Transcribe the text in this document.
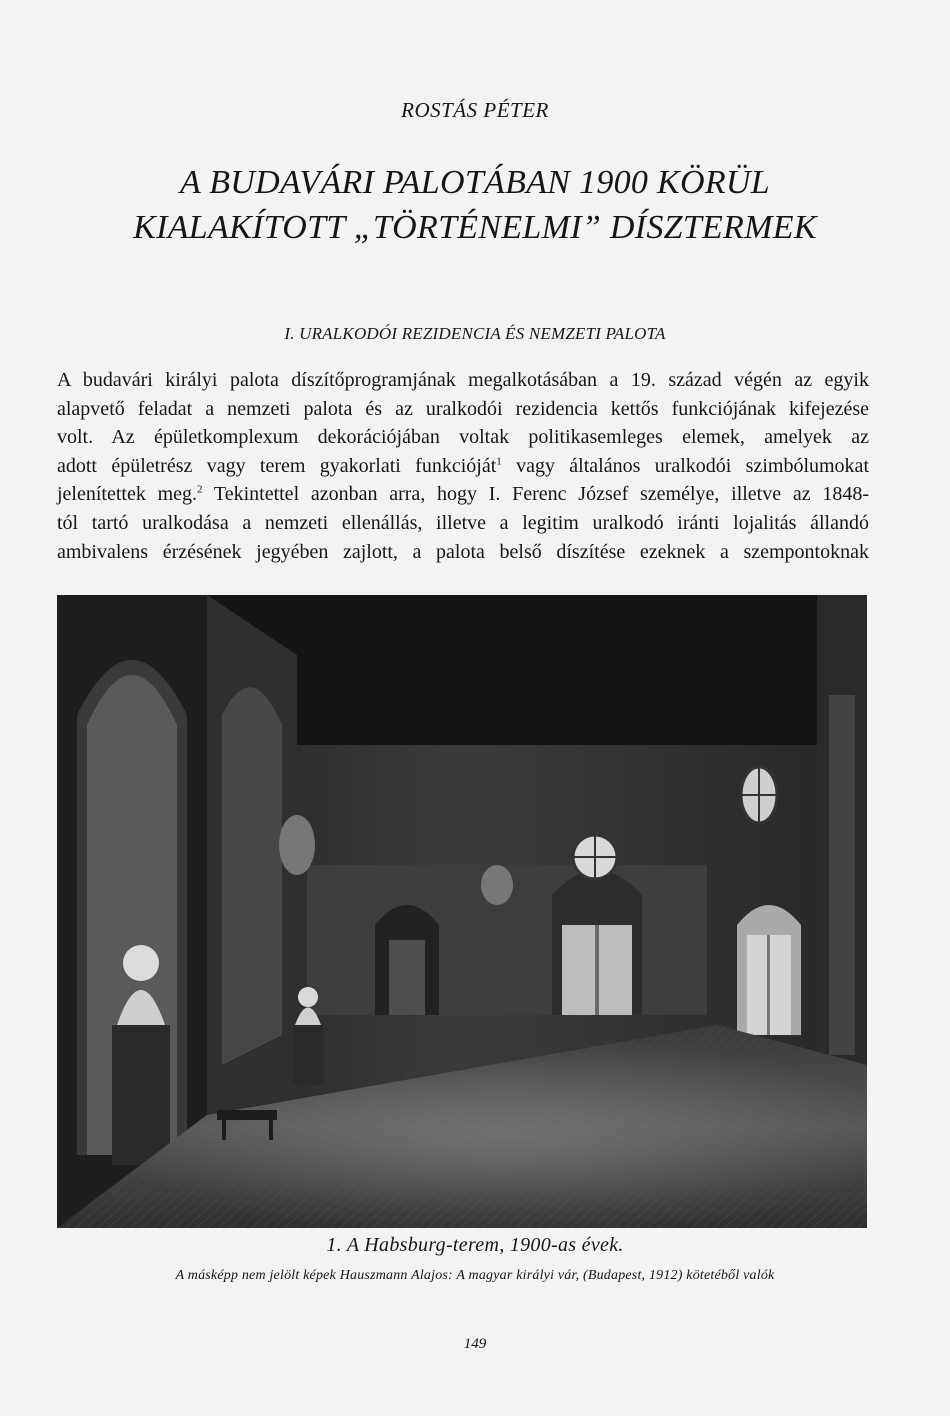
ROSTÁS PÉTER
A BUDAVÁRI PALOTÁBAN 1900 KÖRÜL
KIALAKÍTOTT „TÖRTÉNELMI” DÍSZTERMEK
I. URALKODÓI REZIDENCIA ÉS NEMZETI PALOTA
A budavári királyi palota díszítőprogramjának megalkotásában a 19. század végén az egyik
alapvető feladat a nemzeti palota és az uralkodói rezidencia kettős funkciójának kifejezése
volt. Az épületkomplexum dekorációjában voltak politikasemleges elemek, amelyek az
adott épületrész vagy terem gyakorlati funkcióját$^1$ vagy általános uralkodói szimbólumokat
jelenítettek meg.$^2$ Tekintettel azonban arra, hogy I. Ferenc József személye, illetve az 1848-
tól tartó uralkodása a nemzeti ellenállás, illetve a legitim uralkodó iránti lojalitás állandó
ambivalens érzésének jegyében zajlott, a palota belső díszítése ezeknek a szempontoknak
1. A Habsburg-terem, 1900-as évek.
A másképp nem jelölt képek Hauszmann Alajos: A magyar királyi vár, (Budapest, 1912) kötetéből valók
149
